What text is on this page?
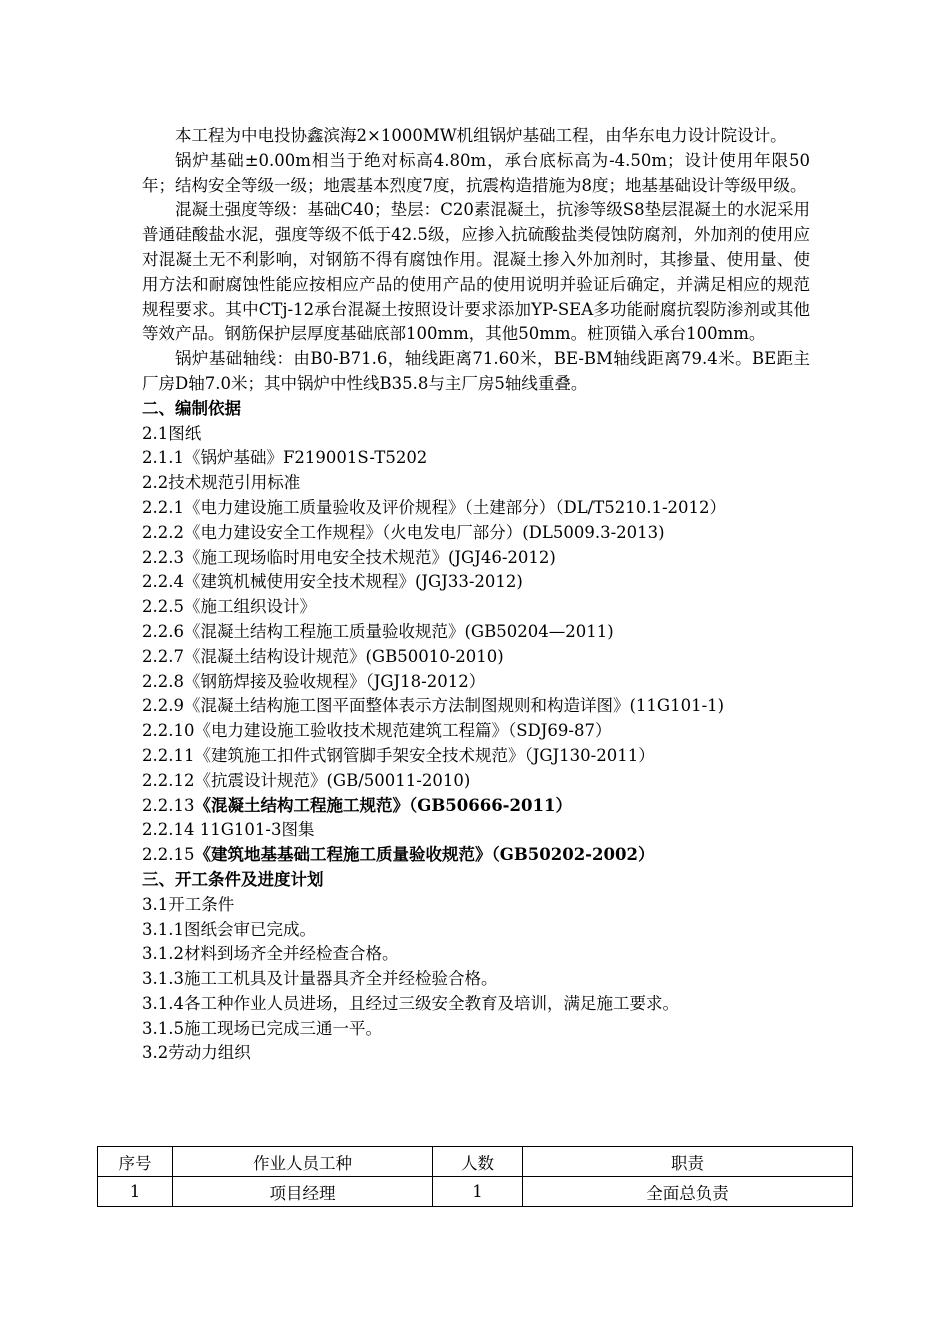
本工程为中电投协鑫滨海2×1000MW机组锅炉基础工程，由华东电力设计院设计。

锅炉基础±0.00m相当于绝对标高4.80m，承台底标高为-4.50m；设计使用年限50年；结构安全等级一级；地震基本烈度7度，抗震构造措施为8度；地基基础设计等级甲级。

混凝土强度等级：基础C40；垫层：C20素混凝土，抗渗等级S8垫层混凝土的水泥采用普通硅酸盐水泥，强度等级不低于42.5级，应掺入抗硫酸盐类侵蚀防腐剂，外加剂的使用应对混凝土无不利影响，对钢筋不得有腐蚀作用。混凝土掺入外加剂时，其掺量、使用量、使用方法和耐腐蚀性能应按相应产品的使用产品的使用说明并验证后确定，并满足相应的规范规程要求。其中CTj-12承台混凝土按照设计要求添加YP-SEA多功能耐腐抗裂防渗剂或其他等效产品。钢筋保护层厚度基础底部100mm，其他50mm。桩顶锚入承台100mm。

锅炉基础轴线：由B0-B71.6，轴线距离71.60米，BE-BM轴线距离79.4米。BE距主厂房D轴7.0米；其中锅炉中性线B35.8与主厂房5轴线重叠。

二、编制依据

2.1图纸

2.1.1《锅炉基础》F219001S-T5202

2.2技术规范引用标准

2.2.1《电力建设施工质量验收及评价规程》（土建部分）（DL/T5210.1-2012）

2.2.2《电力建设安全工作规程》（火电发电厂部分）(DL5009.3-2013)

2.2.3《施工现场临时用电安全技术规范》(JGJ46-2012)

2.2.4《建筑机械使用安全技术规程》(JGJ33-2012)

2.2.5《施工组织设计》

2.2.6《混凝土结构工程施工质量验收规范》(GB50204—2011)

2.2.7《混凝土结构设计规范》(GB50010-2010)

2.2.8《钢筋焊接及验收规程》（JGJ18-2012）

2.2.9《混凝土结构施工图平面整体表示方法制图规则和构造详图》(11G101-1)

2.2.10《电力建设施工验收技术规范建筑工程篇》（SDJ69-87）

2.2.11《建筑施工扣件式钢管脚手架安全技术规范》（JGJ130-2011）

2.2.12《抗震设计规范》(GB/50011-2010)

2.2.13《混凝土结构工程施工规范》（GB50666-2011）

2.2.14 11G101-3图集

2.2.15《建筑地基基础工程施工质量验收规范》（GB50202-2002）

三、开工条件及进度计划

3.1开工条件

3.1.1图纸会审已完成。

3.1.2材料到场齐全并经检查合格。

3.1.3施工工机具及计量器具齐全并经检验合格。

3.1.4各工种作业人员进场，且经过三级安全教育及培训，满足施工要求。

3.1.5施工现场已完成三通一平。

3.2劳动力组织

序号	作业人员工种	人数	职责
1	项目经理	1	全面总负责
